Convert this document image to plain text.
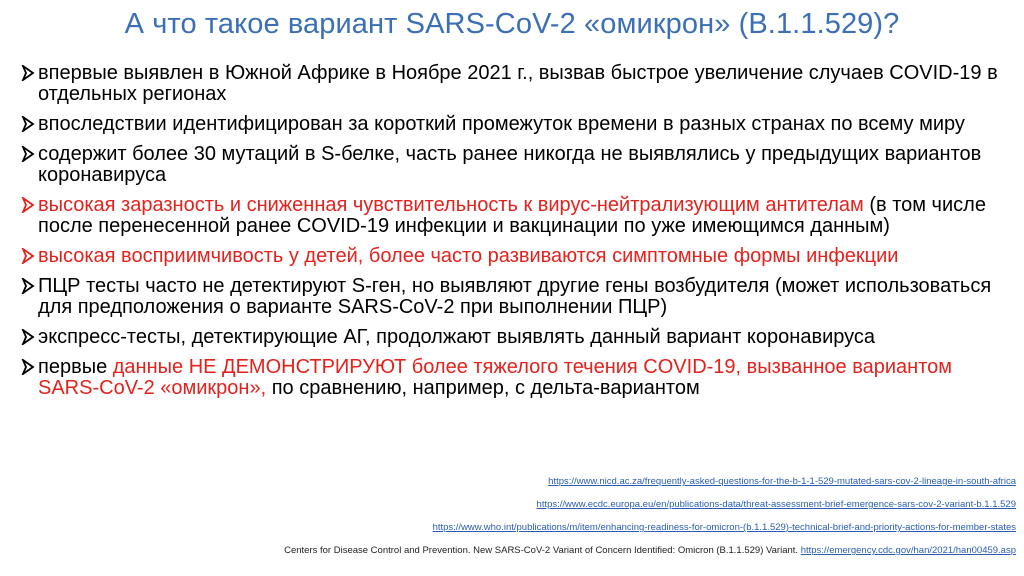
А что такое вариант SARS-CoV-2 «омикрон» (B.1.1.529)?
впервые выявлен в Южной Африке в Ноябре 2021 г., вызвав быстрое увеличение случаев COVID-19 в отдельных регионах
впоследствии идентифицирован за короткий промежуток времени в разных странах по всему миру
содержит более 30 мутаций в S-белке, часть ранее никогда не выявлялись у предыдущих вариантов коронавируса
высокая заразность и сниженная чувствительность к вирус-нейтрализующим антителам (в том числе после перенесенной ранее COVID-19 инфекции и вакцинации по уже имеющимся данным)
высокая восприимчивость у детей, более часто развиваются симптомные формы инфекции
ПЦР тесты часто не детектируют S-ген, но выявляют другие гены возбудителя (может использоваться для предположения о варианте SARS-CoV-2 при выполнении ПЦР)
экспресс-тесты, детектирующие АГ, продолжают выявлять данный вариант коронавируса
первые данные НЕ ДЕМОНСТРИРУЮТ более тяжелого течения COVID-19, вызванное вариантом SARS-CoV-2 «омикрон», по сравнению, например, с дельта-вариантом
https://www.nicd.ac.za/frequently-asked-questions-for-the-b-1-1-529-mutated-sars-cov-2-lineage-in-south-africa
https://www.ecdc.europa.eu/en/publications-data/threat-assessment-brief-emergence-sars-cov-2-variant-b.1.1.529
https://www.who.int/publications/m/item/enhancing-readiness-for-omicron-(b.1.1.529)-technical-brief-and-priority-actions-for-member-states
Centers for Disease Control and Prevention. New SARS-CoV-2 Variant of Concern Identified: Omicron (B.1.1.529) Variant. https://emergency.cdc.gov/han/2021/han00459.asp
